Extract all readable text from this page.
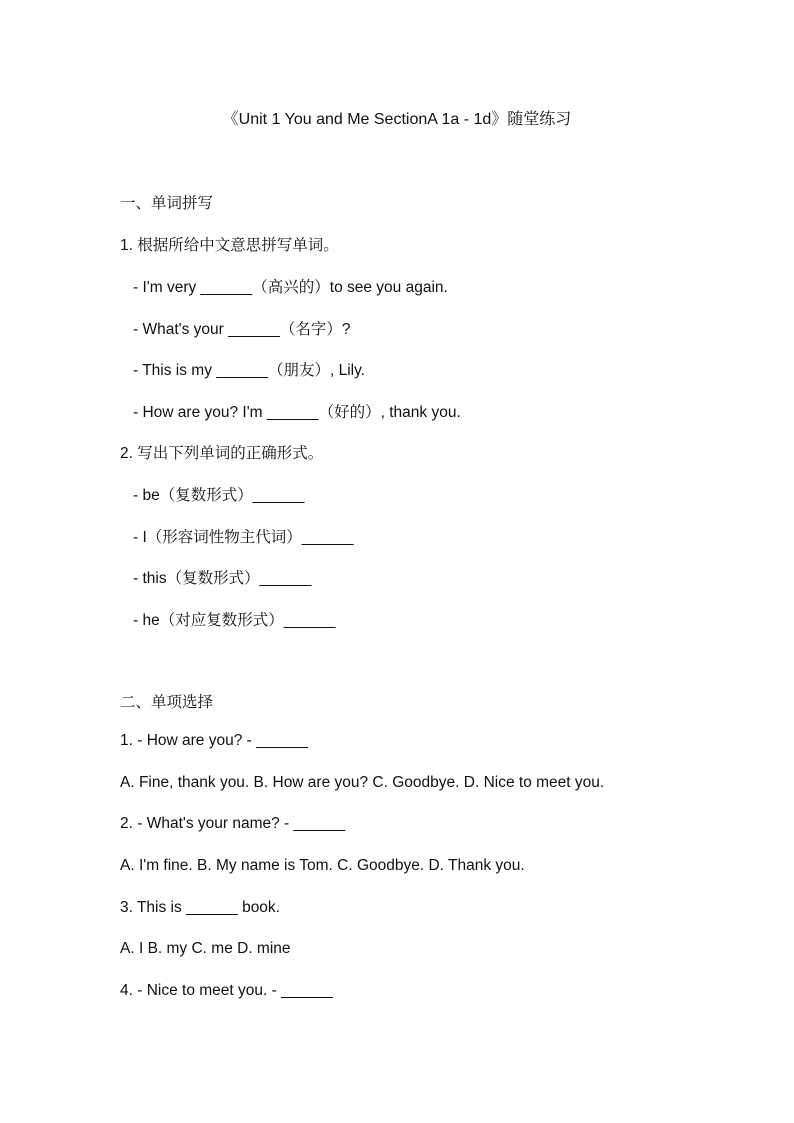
《Unit 1 You and Me SectionA 1a - 1d》随堂练习
一、单词拼写
1. 根据所给中文意思拼写单词。
- I'm very ______（高兴的）to see you again.
- What's your ______（名字）?
- This is my ______（朋友）, Lily.
- How are you? I'm ______（好的）, thank you.
2. 写出下列单词的正确形式。
- be（复数形式）______
- I（形容词性物主代词）______
- this（复数形式）______
- he（对应复数形式）______
二、单项选择
1. - How are you? - ______
A. Fine, thank you. B. How are you? C. Goodbye. D. Nice to meet you.
2. - What's your name? - ______
A. I'm fine. B. My name is Tom. C. Goodbye. D. Thank you.
3. This is ______ book.
A. I B. my C. me D. mine
4. - Nice to meet you. - ______
